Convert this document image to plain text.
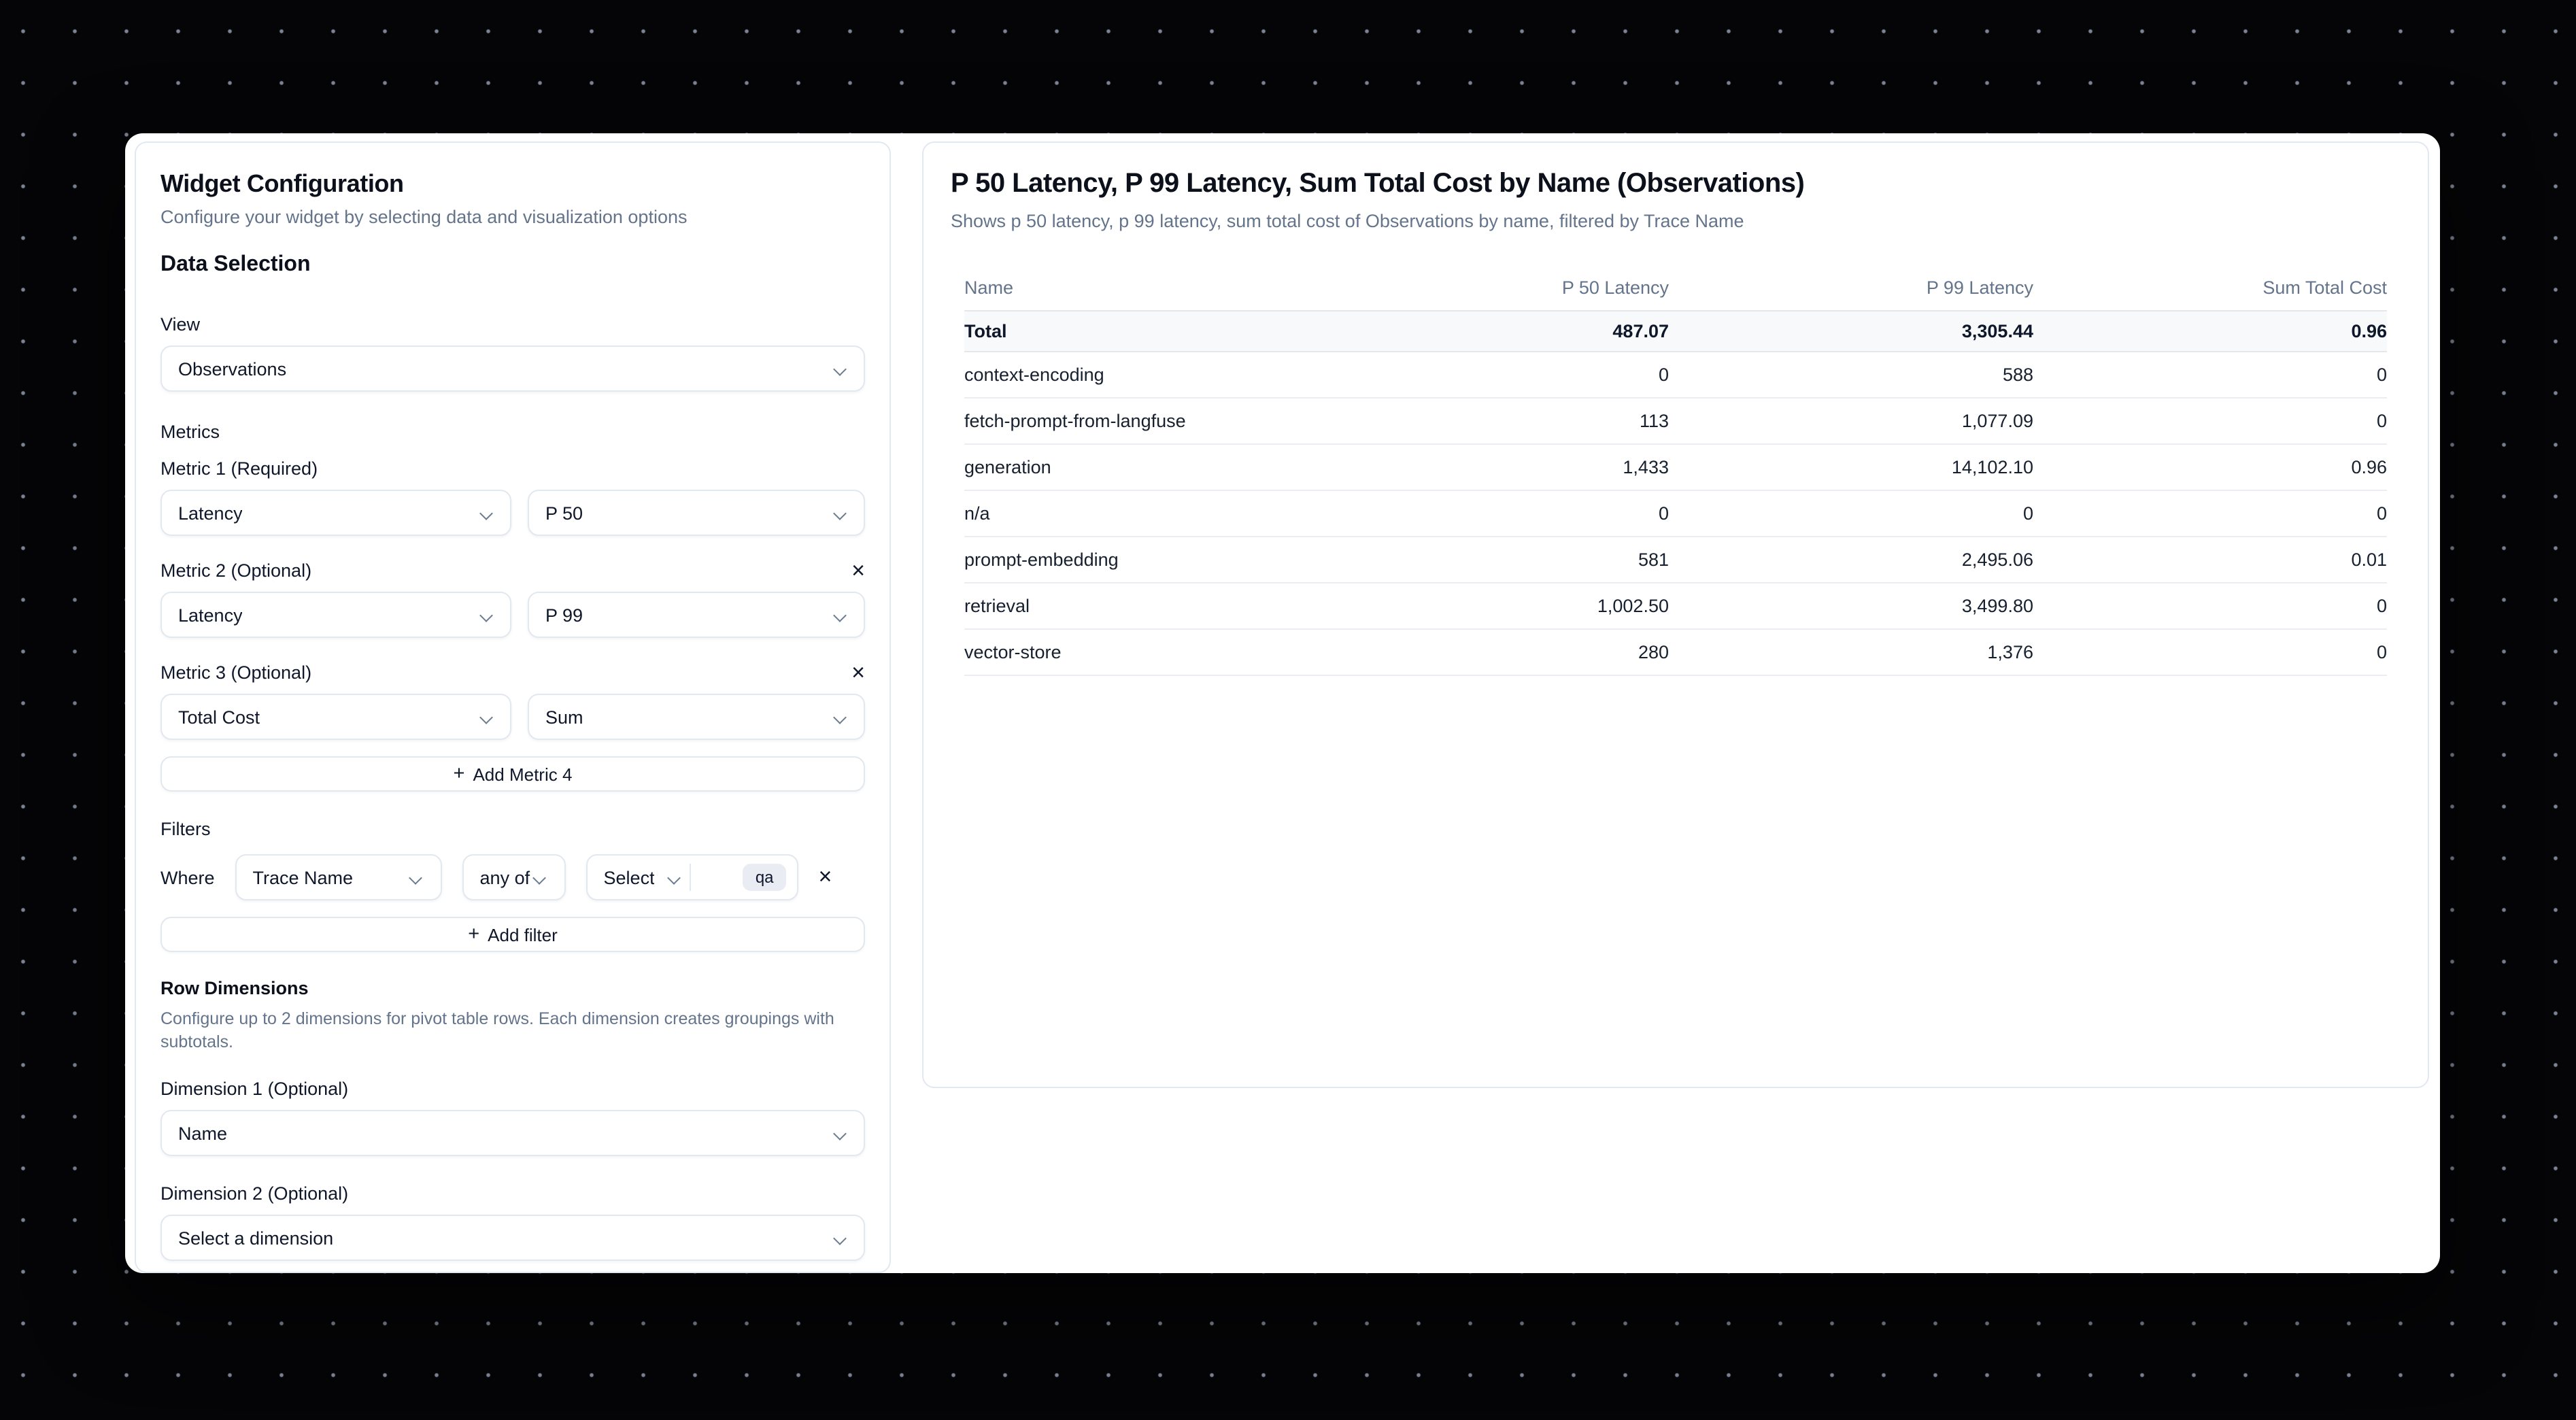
Widget Configuration
Configure your widget by selecting data and visualization options
Data Selection
View
Observations
Metrics
Metric 1 (Required)
Latency	P 50
Metric 2 (Optional)	×
Latency	P 99
Metric 3 (Optional)	×
Total Cost	Sum
+ Add Metric 4
Filters
Where	Trace Name	any of	Select	qa	×
+ Add filter
Row Dimensions
Configure up to 2 dimensions for pivot table rows. Each dimension creates groupings with subtotals.
Dimension 1 (Optional)
Name
Dimension 2 (Optional)
Select a dimension
P 50 Latency, P 99 Latency, Sum Total Cost by Name (Observations)
Shows p 50 latency, p 99 latency, sum total cost of Observations by name, filtered by Trace Name
Name	P 50 Latency	P 99 Latency	Sum Total Cost
Total	487.07	3,305.44	0.96
context-encoding	0	588	0
fetch-prompt-from-langfuse	113	1,077.09	0
generation	1,433	14,102.10	0.96
n/a	0	0	0
prompt-embedding	581	2,495.06	0.01
retrieval	1,002.50	3,499.80	0
vector-store	280	1,376	0
